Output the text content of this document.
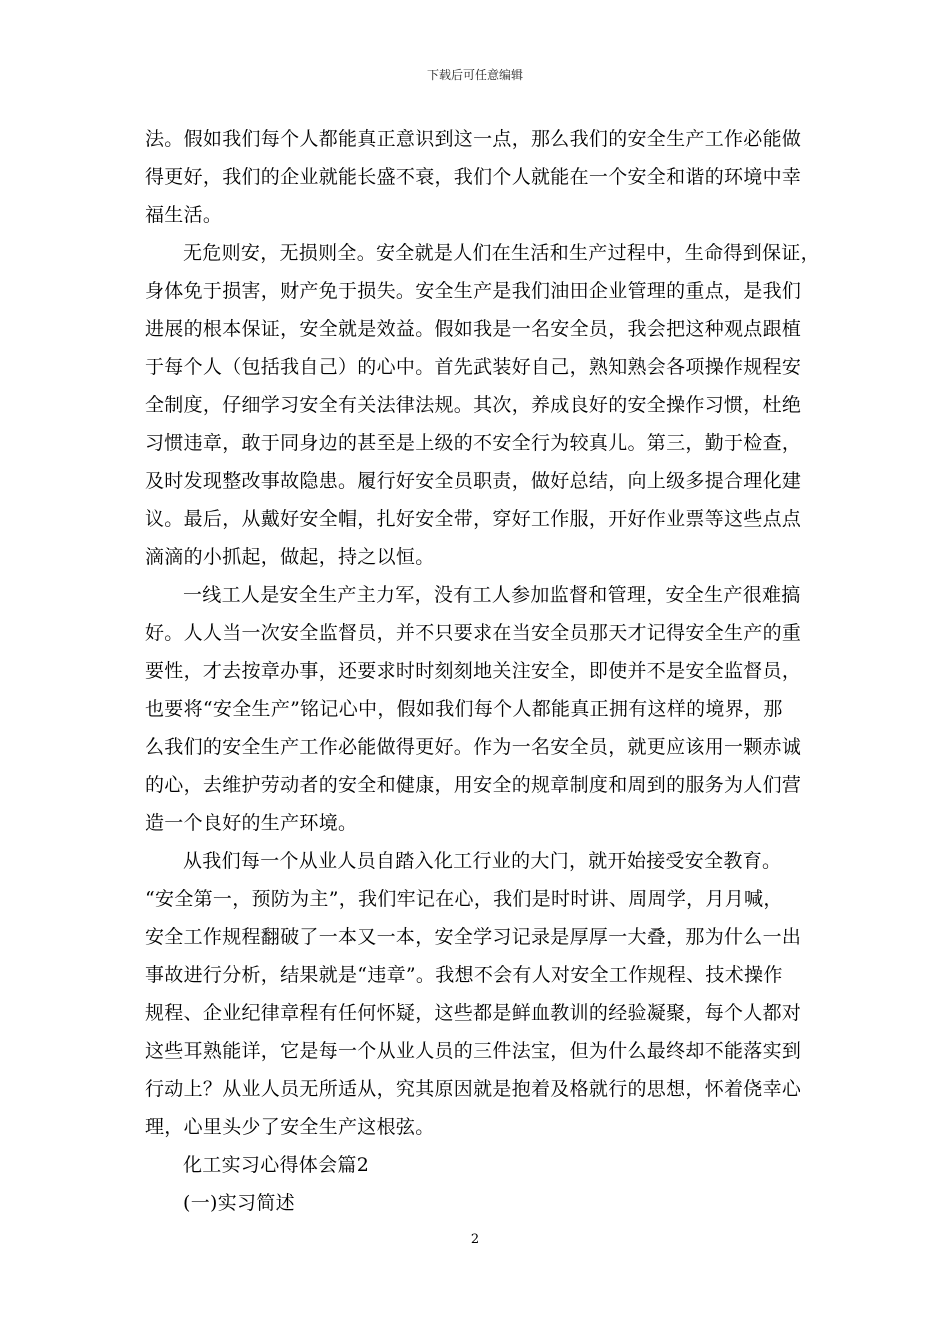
下载后可任意编辑
法。假如我们每个人都能真正意识到这一点，那么我们的安全生产工作必能做
得更好，我们的企业就能长盛不衰，我们个人就能在一个安全和谐的环境中幸
福生活。
无危则安，无损则全。安全就是人们在生活和生产过程中，生命得到保证，
身体免于损害，财产免于损失。安全生产是我们油田企业管理的重点，是我们
进展的根本保证，安全就是效益。假如我是一名安全员，我会把这种观点跟植
于每个人（包括我自己）的心中。首先武装好自己，熟知熟会各项操作规程安
全制度，仔细学习安全有关法律法规。其次，养成良好的安全操作习惯，杜绝
习惯违章，敢于同身边的甚至是上级的不安全行为较真儿。第三，勤于检查，
及时发现整改事故隐患。履行好安全员职责，做好总结，向上级多提合理化建
议。最后，从戴好安全帽，扎好安全带，穿好工作服，开好作业票等这些点点
滴滴的小抓起，做起，持之以恒。
一线工人是安全生产主力军，没有工人参加监督和管理，安全生产很难搞
好。人人当一次安全监督员，并不只要求在当安全员那天才记得安全生产的重
要性，才去按章办事，还要求时时刻刻地关注安全，即使并不是安全监督员，
也要将“安全生产”铭记心中，假如我们每个人都能真正拥有这样的境界，那
么我们的安全生产工作必能做得更好。作为一名安全员，就更应该用一颗赤诚
的心，去维护劳动者的安全和健康，用安全的规章制度和周到的服务为人们营
造一个良好的生产环境。
从我们每一个从业人员自踏入化工行业的大门，就开始接受安全教育。
“安全第一，预防为主”，我们牢记在心，我们是时时讲、周周学，月月喊，
安全工作规程翻破了一本又一本，安全学习记录是厚厚一大叠，那为什么一出
事故进行分析，结果就是“违章”。我想不会有人对安全工作规程、技术操作
规程、企业纪律章程有任何怀疑，这些都是鲜血教训的经验凝聚，每个人都对
这些耳熟能详，它是每一个从业人员的三件法宝，但为什么最终却不能落实到
行动上？从业人员无所适从，究其原因就是抱着及格就行的思想，怀着侥幸心
理，心里头少了安全生产这根弦。
化工实习心得体会篇2
(一)实习简述
2
